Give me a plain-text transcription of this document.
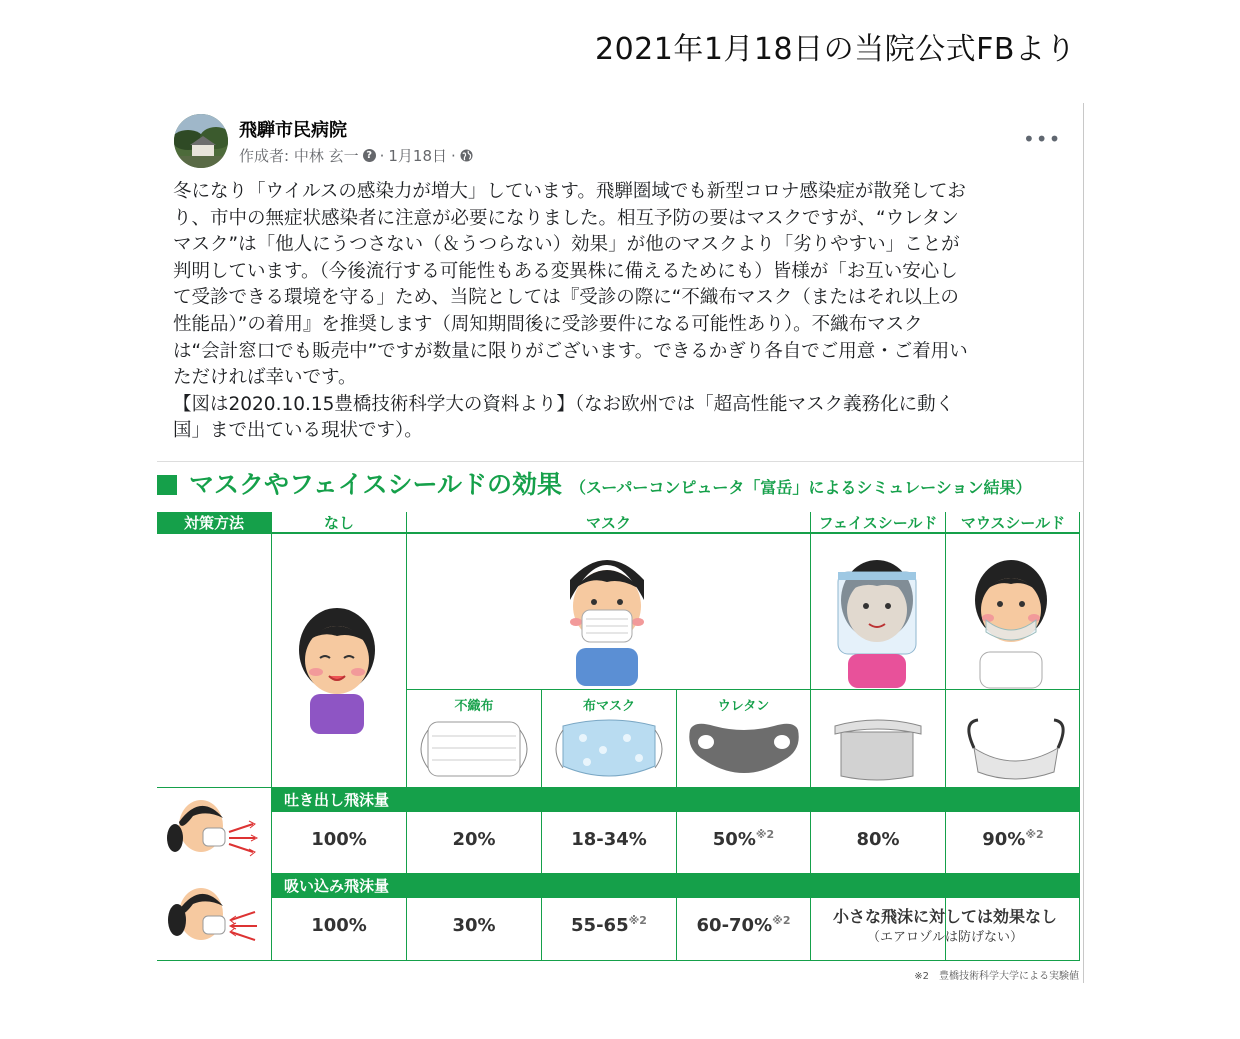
2021年1月18日の当院公式FBより
飛騨市民病院
作成者: 中林 玄一 ? · 1月18日 ·
•••

冬になり「ウイルスの感染力が増大」しています。飛騨圏域でも新型コロナ感染症が散発してお

り、市中の無症状感染者に注意が必要になりました。相互予防の要はマスクですが、“ウレタン

マスク”は「他人にうつさない（＆うつらない）効果」が他のマスクより「劣りやすい」ことが

判明しています。（今後流行する可能性もある変異株に備えるためにも）皆様が「お互い安心し

て受診できる環境を守る」ため、当院としては『受診の際に“不織布マスク（またはそれ以上の

性能品）”の着用』を推奨します（周知期間後に受診要件になる可能性あり）。不織布マスク

は“会計窓口でも販売中”ですが数量に限りがございます。できるかぎり各自でご用意・ご着用い

ただければ幸いです。

【図は2020.10.15豊橋技術科学大の資料より】（なお欧州では「超高性能マスク義務化に動く

国」まで出ている現状です）。

マスクやフェイスシールドの効果 （スーパーコンピュータ「富岳」によるシミュレーション結果）
対策方法	なし	マスク	フェイスシールド	マウスシールド
不織布	布マスク	ウレタン
吐き出し飛沫量
100%	20%	18-34%	50%$^{※2}$	80%	90%$^{※2}$
吸い込み飛沫量
100%	30%	55-65$^{※2}$	60-70%$^{※2}$	小さな飛沫に対しては効果なし
（エアロゾルは防げない）
※2　豊橋技術科学大学による実験値
